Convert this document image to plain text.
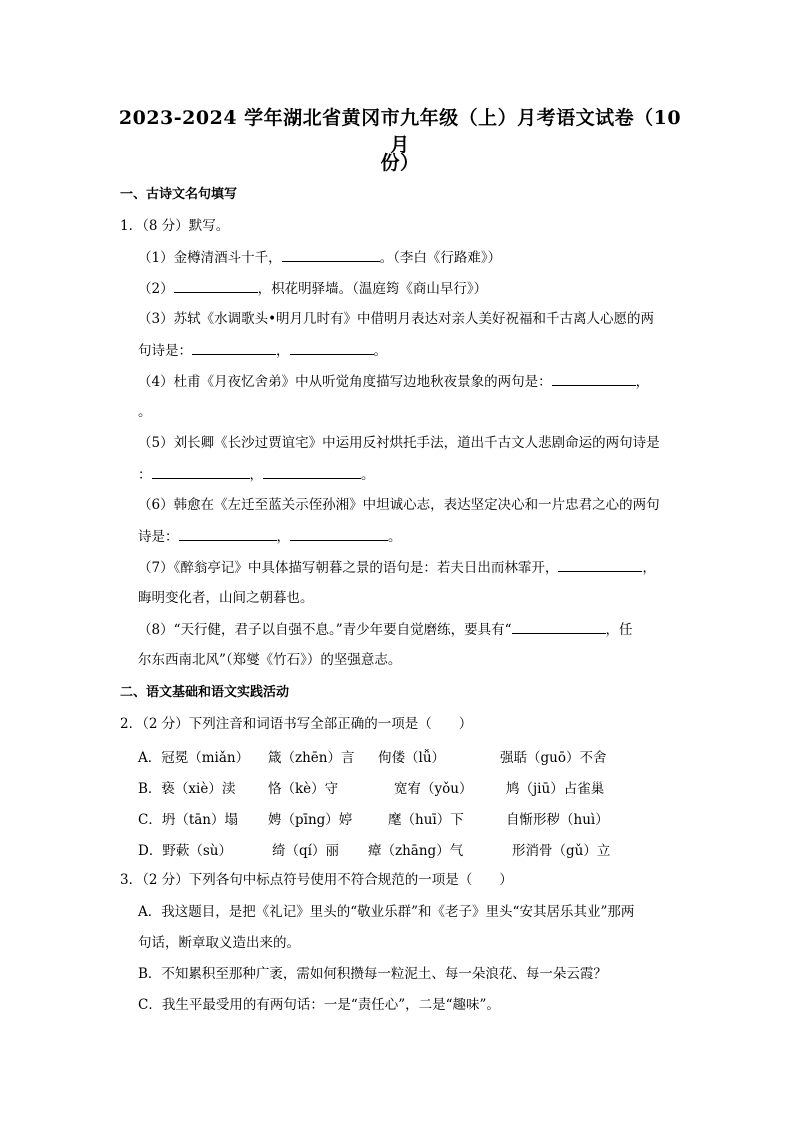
2023-2024 学年湖北省黄冈市九年级（上）月考语文试卷（10 月
份）
一、古诗文名句填写
1．（8 分）默写。
（1）金樽清酒斗十千，	。（李白《行路难》）
（2）	，枳花明驿墙。（温庭筠《商山早行》）
（3）苏轼《水调歌头•明月几时有》中借明月表达对亲人美好祝福和千古离人心愿的两
句诗是：	，	。
（4）杜甫《月夜忆舍弟》中从听觉角度描写边地秋夜景象的两句是：	，
。
（5）刘长卿《长沙过贾谊宅》中运用反衬烘托手法，道出千古文人悲剧命运的两句诗是
：	，	。
（6）韩愈在《左迁至蓝关示侄孙湘》中坦诚心志，表达坚定决心和一片忠君之心的两句
诗是：	，	。
（7）《醉翁亭记》中具体描写朝暮之景的语句是：若夫日出而林霏开，	，
晦明变化者，山间之朝暮也。
（8）“天行健，君子以自强不息。”青少年要自觉磨练，要具有“	，任
尔东西南北风”（郑燮《竹石》）的坚强意志。
二、语文基础和语文实践活动
2．（2 分）下列注音和词语书写全部正确的一项是（　　）
A．冠冕（miǎn） 箴（zhēn）言 佝偻（lǚ）	强聒（guō）不舍
B．亵（xiè）渎 恪（kè）守	宽宥（yǒu） 鸠（jiū）占雀巢
C．坍（tān）塌 娉（pīng）婷	麾（huī）下	自惭形秽（huì）
D．野蔌（sù）	绮（qí）丽 瘴（zhāng）气	形消骨（gǔ）立
3．（2 分）下列各句中标点符号使用不符合规范的一项是（　　）
A．我这题目，是把《礼记》里头的“敬业乐群”和《老子》里头“安其居乐其业”那两
句话，断章取义造出来的。
B．不知累积至那种广袤，需如何积攒每一粒泥土、每一朵浪花、每一朵云霞？
C．我生平最受用的有两句话：一是“责任心”，二是“趣味”。
